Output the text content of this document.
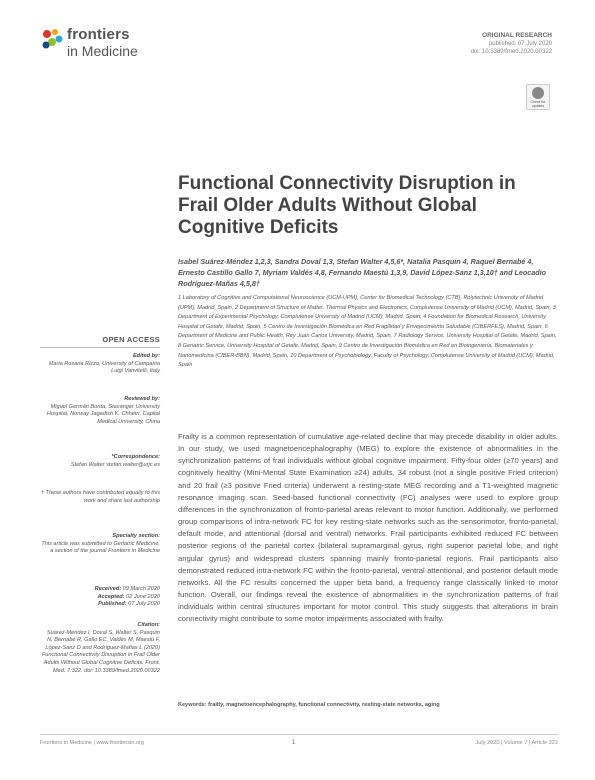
frontiers
in Medicine
ORIGINAL RESEARCH
published: 07 July 2020
doi: 10.3389/fmed.2020.00322
Check for updates
Functional Connectivity Disruption in Frail Older Adults Without Global Cognitive Deficits
Isabel Suárez-Méndez 1,2,3, Sandra Doval 1,3, Stefan Walter 4,5,6*, Natalia Pasquin 4, Raquel Bernabé 4, Ernesto Castillo Gallo 7, Myriam Valdés 4,8, Fernando Maestú 1,3,9, David López-Sanz 1,3,10† and Leocadio Rodríguez-Mañas 4,5,8†
1 Laboratory of Cognitive and Computational Neuroscience (UCM-UPM), Center for Biomedical Technology (CTB), Polytechnic University of Madrid (UPM), Madrid, Spain, 2 Department of Structure of Matter, Thermal Physics and Electronics, Complutense University of Madrid (UCM), Madrid, Spain, 3 Department of Experimental Psychology, Complutense University of Madrid (UCM), Madrid, Spain, 4 Foundation for Biomedical Research, University Hospital of Getafe, Madrid, Spain, 5 Centro de Investigación Biomédica en Red Fragilidad y Envejecimiento Saludable (CIBERFES), Madrid, Spain, 6 Department of Medicine and Public Health, Rey Juan Carlos University, Madrid, Spain, 7 Radiology Service, University Hospital of Getafe, Madrid, Spain, 8 Geriatric Service, University Hospital of Getafe, Madrid, Spain, 9 Centro de Investigación Biomédica en Red en Bioingeniería, Biomateriales y Nanomedicina (CIBER-BBN), Madrid, Spain, 10 Department of Psychobiology, Faculty of Psychology, Complutense University of Madrid (UCM), Madrid, Spain
OPEN ACCESS
Edited by:
Maria Rosaria Rizzo, University of Campania Luigi Vanvitelli, Italy
Reviewed by:
Miguel Germán Borda, Stavanger University Hospital, Norway Jagadish K. Chhetri, Capital Medical University, China
*Correspondence:
Stefan Walter stefan.walter@urjc.es
† These authors have contributed equally to this work and share last authorship
Specialty section:
This article was submitted to Geriatric Medicine, a section of the journal Frontiers in Medicine
Received: 09 March 2020
Accepted: 02 June 2020
Published: 07 July 2020
Citation:
Suárez-Méndez I, Doval S, Walter S, Pasquin N, Bernabé R, Gallo EC, Valdés M, Maestú F, López-Sanz D and Rodríguez-Mañas L (2020) Functional Connectivity Disruption in Frail Older Adults Without Global Cognitive Deficits. Front. Med. 7:322. doi: 10.3389/fmed.2020.00322
Frailty is a common representation of cumulative age-related decline that may precede disability in older adults. In our study, we used magnetoencephalography (MEG) to explore the existence of abnormalities in the synchronization patterns of frail individuals without global cognitive impairment. Fifty-four older (≥70 years) and cognitively healthy (Mini-Mental State Examination ≥24) adults, 34 robust (not a single positive Fried criterion) and 20 frail (≥3 positive Fried criteria) underwent a resting-state MEG recording and a T1-weighted magnetic resonance imaging scan. Seed-based functional connectivity (FC) analyses were used to explore group differences in the synchronization of fronto-parietal areas relevant to motor function. Additionally, we performed group comparisons of intra-network FC for key resting-state networks such as the sensorimotor, fronto-parietal, default mode, and attentional (dorsal and ventral) networks. Frail participants exhibited reduced FC between posterior regions of the parietal cortex (bilateral supramarginal gyrus, right superior parietal lobe, and right angular gyrus) and widespread clusters spanning mainly fronto-parietal regions. Frail participants also demonstrated reduced intra-network FC within the fronto-parietal, ventral attentional, and posterior default mode networks. All the FC results concerned the upper beta band, a frequency range classically linked to motor function. Overall, our findings reveal the existence of abnormalities in the synchronization patterns of frail individuals within central structures important for motor control. This study suggests that alterations in brain connectivity might contribute to some motor impairments associated with frailty.
Keywords: frailty, magnetoencephalography, functional connectivity, resting-state networks, aging
Frontiers in Medicine | www.frontiersin.org	1	July 2020 | Volume 7 | Article 322
